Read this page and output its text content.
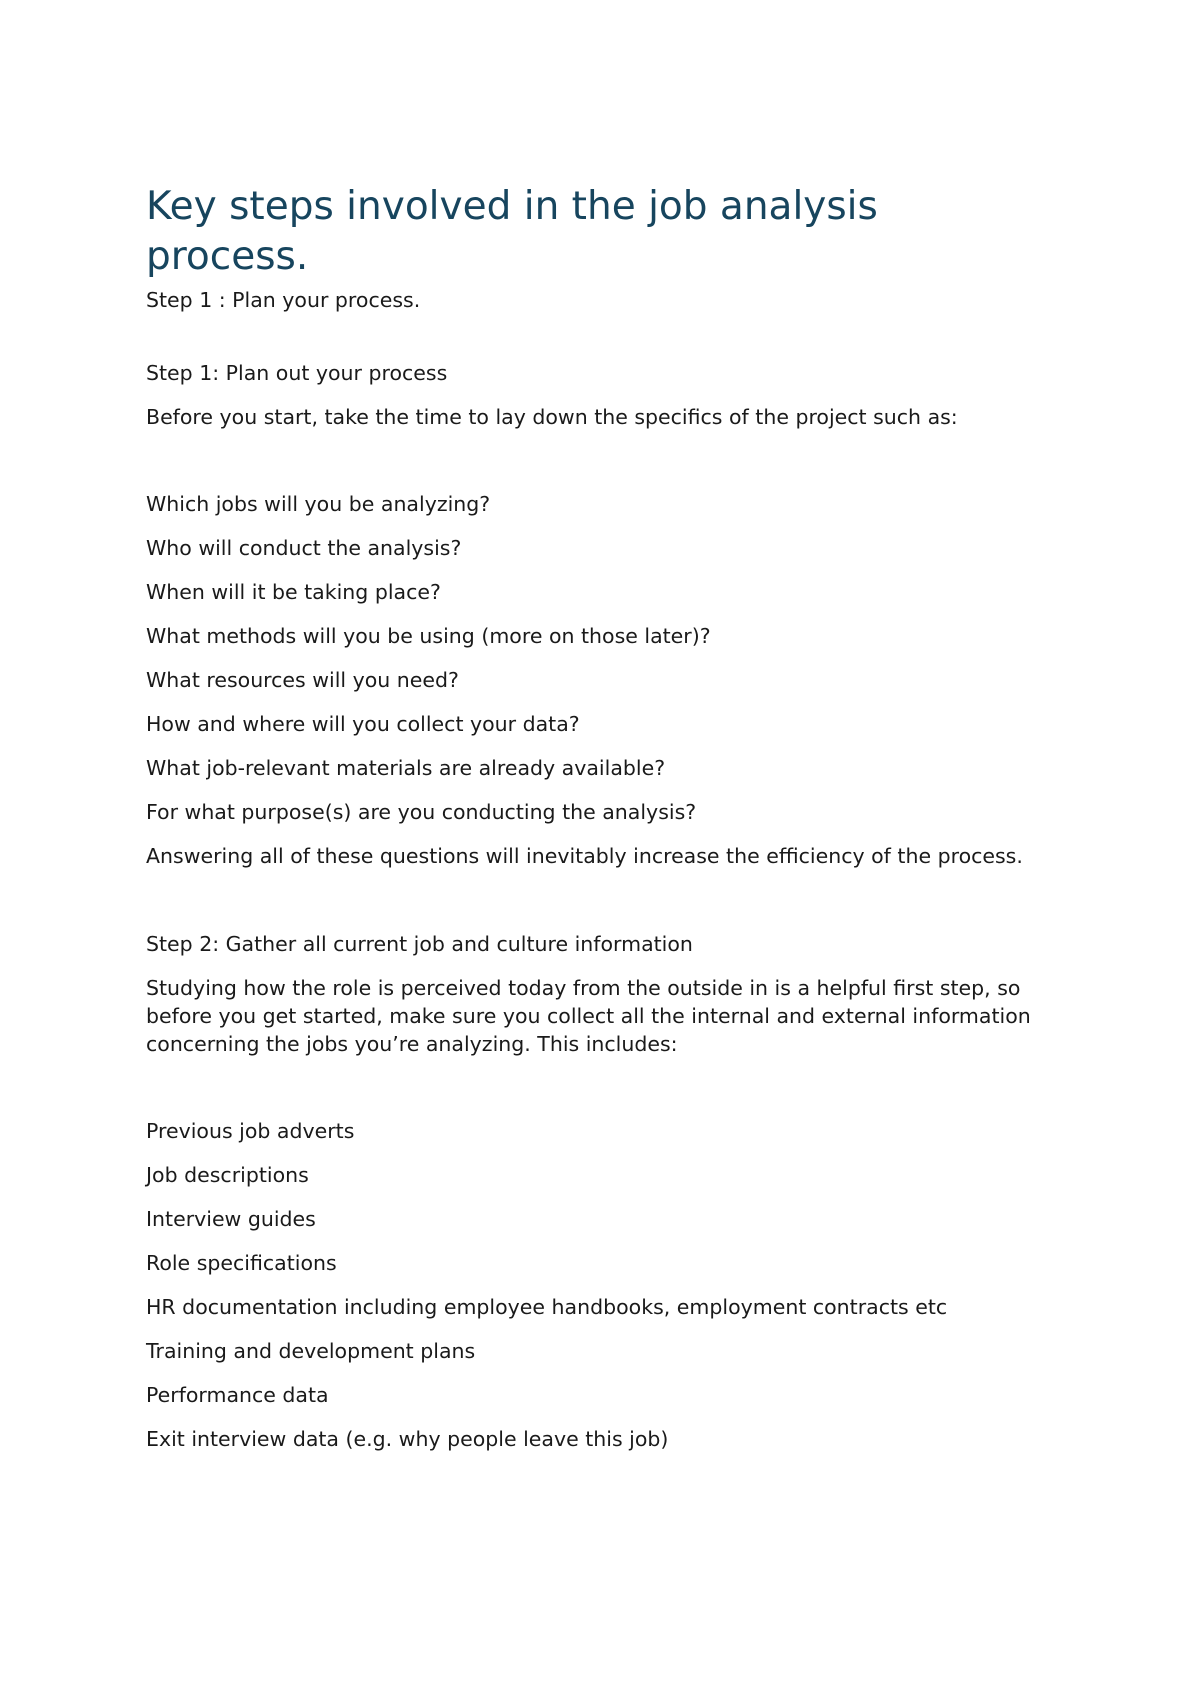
Key steps involved in the job analysis process.

Step 1 : Plan your process.

Step 1: Plan out your process

Before you start, take the time to lay down the specifics of the project such as:

Which jobs will you be analyzing?

Who will conduct the analysis?

When will it be taking place?

What methods will you be using (more on those later)?

What resources will you need?

How and where will you collect your data?

What job-relevant materials are already available?

For what purpose(s) are you conducting the analysis?

Answering all of these questions will inevitably increase the efficiency of the process.

Step 2: Gather all current job and culture information

Studying how the role is perceived today from the outside in is a helpful first step, so before you get started, make sure you collect all the internal and external information concerning the jobs you’re analyzing. This includes:

Previous job adverts

Job descriptions

Interview guides

Role specifications

HR documentation including employee handbooks, employment contracts etc

Training and development plans

Performance data

Exit interview data (e.g. why people leave this job)
